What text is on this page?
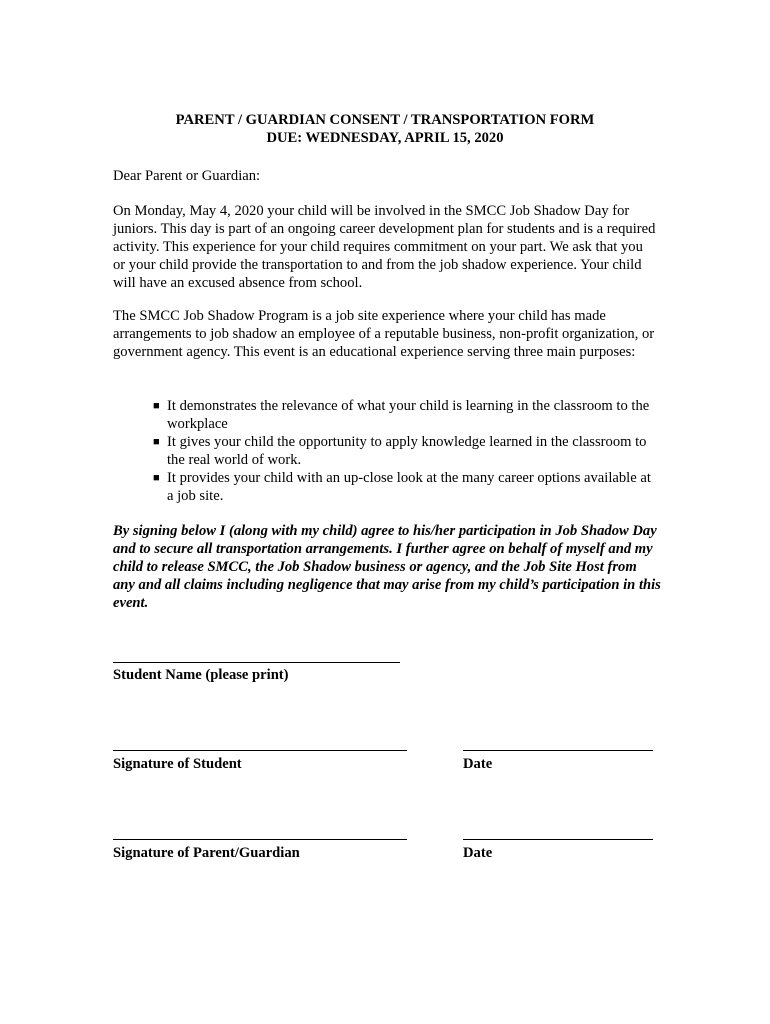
PARENT / GUARDIAN CONSENT / TRANSPORTATION FORM
DUE: WEDNESDAY, APRIL 15, 2020

Dear Parent or Guardian:

On Monday, May 4, 2020 your child will be involved in the SMCC Job Shadow Day for juniors. This day is part of an ongoing career development plan for students and is a required activity. This experience for your child requires commitment on your part. We ask that you or your child provide the transportation to and from the job shadow experience. Your child will have an excused absence from school.

The SMCC Job Shadow Program is a job site experience where your child has made arrangements to job shadow an employee of a reputable business, non-profit organization, or government agency. This event is an educational experience serving three main purposes:

■ It demonstrates the relevance of what your child is learning in the classroom to the workplace
■ It gives your child the opportunity to apply knowledge learned in the classroom to the real world of work.
■ It provides your child with an up-close look at the many career options available at a job site.

By signing below I (along with my child) agree to his/her participation in Job Shadow Day and to secure all transportation arrangements. I further agree on behalf of myself and my child to release SMCC, the Job Shadow business or agency, and the Job Site Host from any and all claims including negligence that may arise from my child’s participation in this event.

Student Name (please print)
Signature of Student	Date
Signature of Parent/Guardian	Date
